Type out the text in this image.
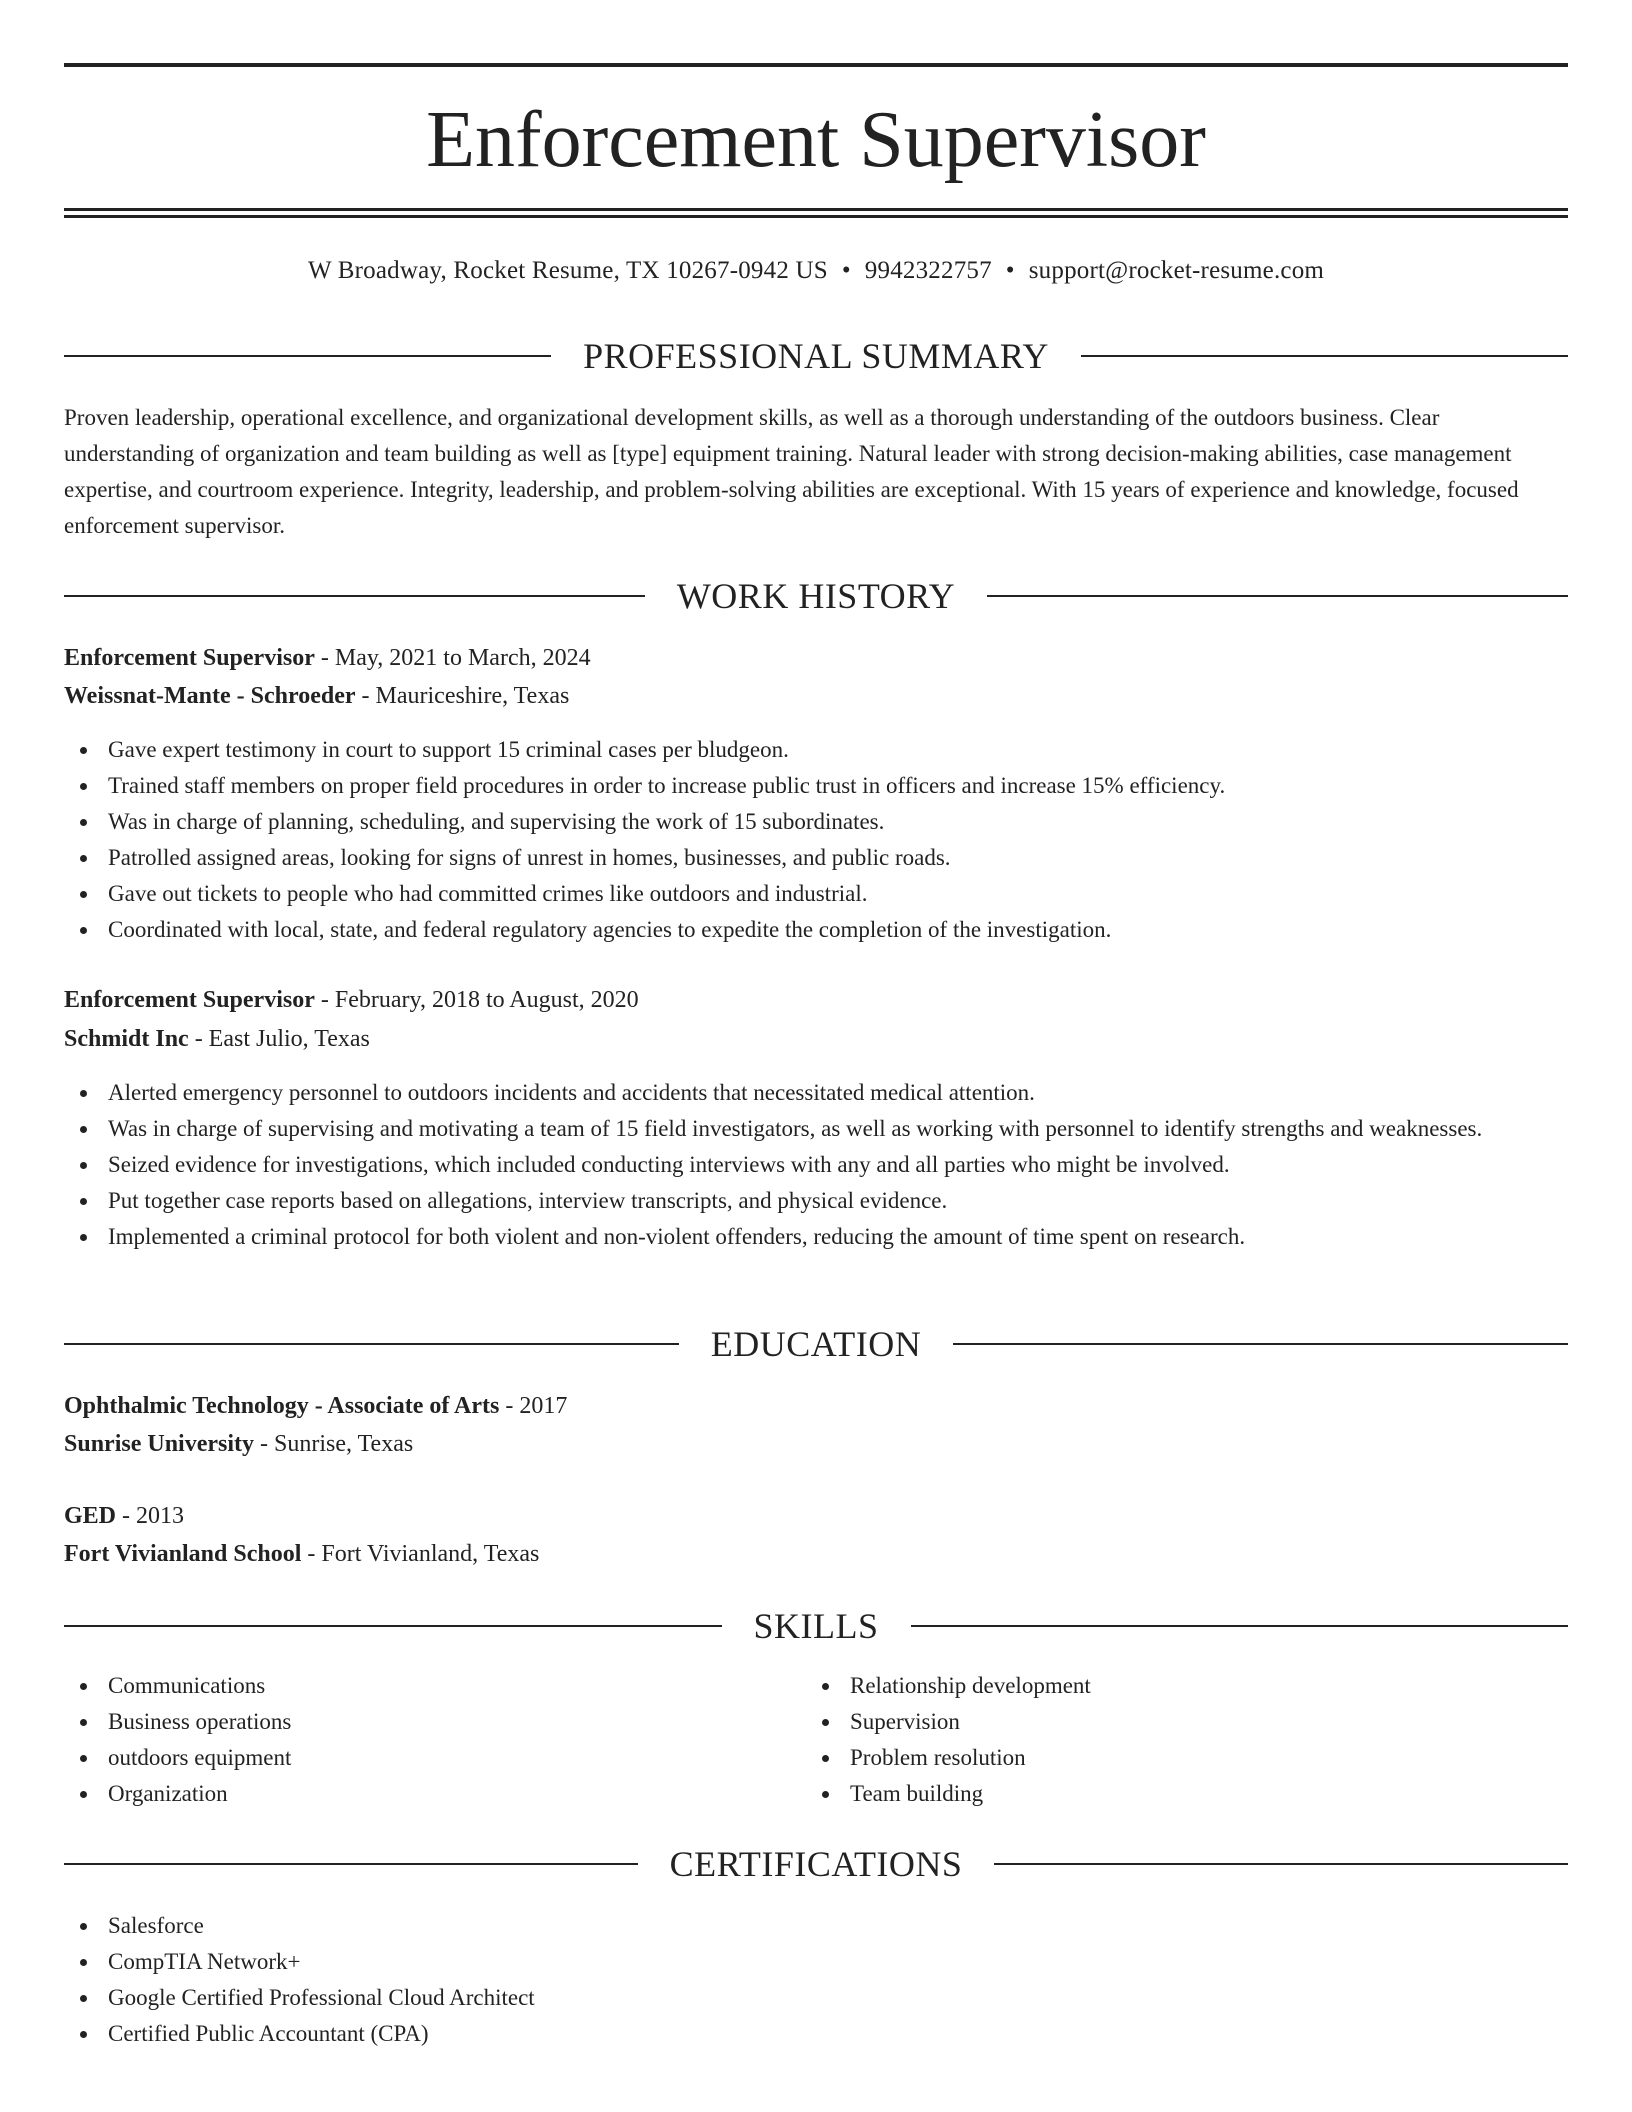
Enforcement Supervisor
W Broadway, Rocket Resume, TX 10267-0942 US • 9942322757 • support@rocket-resume.com
PROFESSIONAL SUMMARY

Proven leadership, operational excellence, and organizational development skills, as well as a thorough understanding of the outdoors business. Clear understanding of organization and team building as well as [type] equipment training. Natural leader with strong decision-making abilities, case management expertise, and courtroom experience. Integrity, leadership, and problem-solving abilities are exceptional. With 15 years of experience and knowledge, focused enforcement supervisor.

WORK HISTORY
Enforcement Supervisor - May, 2021 to March, 2024
Weissnat-Mante - Schroeder - Mauriceshire, Texas
Gave expert testimony in court to support 15 criminal cases per bludgeon.
Trained staff members on proper field procedures in order to increase public trust in officers and increase 15% efficiency.
Was in charge of planning, scheduling, and supervising the work of 15 subordinates.
Patrolled assigned areas, looking for signs of unrest in homes, businesses, and public roads.
Gave out tickets to people who had committed crimes like outdoors and industrial.
Coordinated with local, state, and federal regulatory agencies to expedite the completion of the investigation.
Enforcement Supervisor - February, 2018 to August, 2020
Schmidt Inc - East Julio, Texas
Alerted emergency personnel to outdoors incidents and accidents that necessitated medical attention.
Was in charge of supervising and motivating a team of 15 field investigators, as well as working with personnel to identify strengths and weaknesses.
Seized evidence for investigations, which included conducting interviews with any and all parties who might be involved.
Put together case reports based on allegations, interview transcripts, and physical evidence.
Implemented a criminal protocol for both violent and non-violent offenders, reducing the amount of time spent on research.
EDUCATION
Ophthalmic Technology - Associate of Arts - 2017
Sunrise University - Sunrise, Texas
GED - 2013
Fort Vivianland School - Fort Vivianland, Texas
SKILLS
Communications
Business operations
outdoors equipment
Organization
Relationship development
Supervision
Problem resolution
Team building
CERTIFICATIONS
Salesforce
CompTIA Network+
Google Certified Professional Cloud Architect
Certified Public Accountant (CPA)
